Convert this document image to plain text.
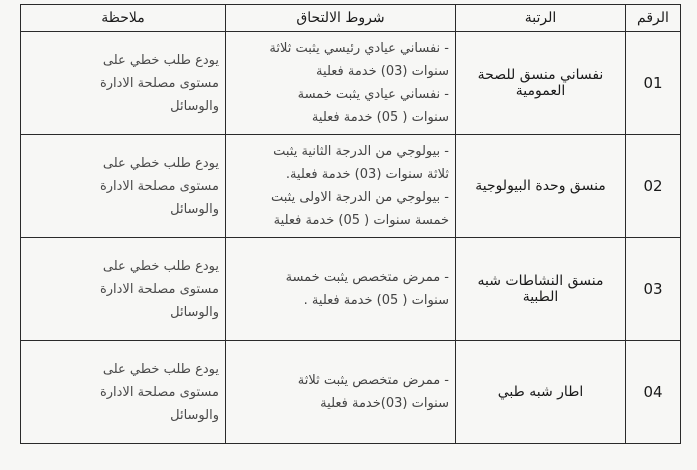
الرقم	الرتبة	شروط الالتحاق	ملاحظة
01	نفساني منسق للصحة العمومية	- نفساني عيادي رئيسي يثبت ثلاثة
سنوات (03) خدمة فعلية
- نفساني عيادي يثبت خمسة
سنوات ( 05) خدمة فعلية	يودع طلب خطي على
مستوى مصلحة الادارة
والوسائل
02	منسق وحدة البيولوجية	- بيولوجي من الدرجة الثانية يثبت
ثلاثة سنوات (03) خدمة فعلية.
- بيولوجي من الدرجة الاولى يثبت
خمسة سنوات ( 05) خدمة فعلية	يودع طلب خطي على
مستوى مصلحة الادارة
والوسائل
03	منسق النشاطات شبه الطبية	- ممرض متخصص يثبت خمسة
سنوات ( 05) خدمة فعلية .	يودع طلب خطي على
مستوى مصلحة الادارة
والوسائل
04	اطار شبه طبي	- ممرض متخصص يثبت ثلاثة
سنوات (03)خدمة فعلية	يودع طلب خطي على
مستوى مصلحة الادارة
والوسائل
